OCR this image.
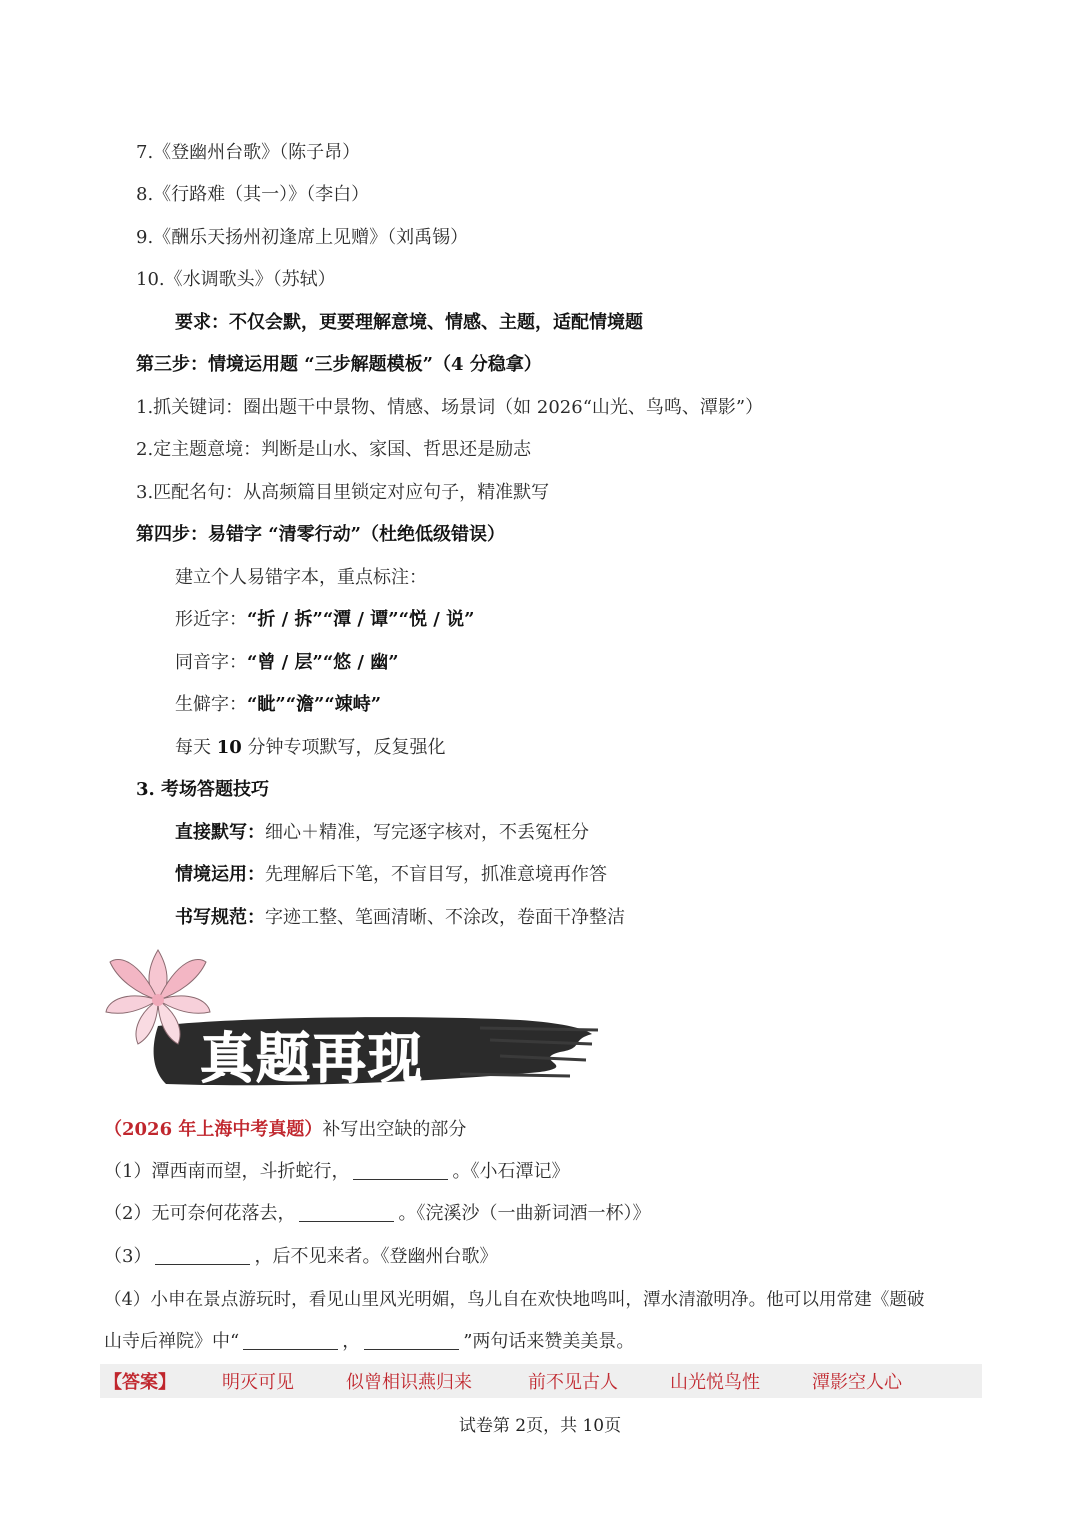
7.《登幽州台歌》（陈子昂）
8.《行路难（其一）》（李白）
9.《酬乐天扬州初逢席上见赠》（刘禹锡）
10.《水调歌头》（苏轼）
要求：不仅会默，更要理解意境、情感、主题，适配情境题
第三步：情境运用题 “三步解题模板”（4 分稳拿）
1.抓关键词：圈出题干中景物、情感、场景词（如 2026“山光、鸟鸣、潭影”）
2.定主题意境：判断是山水、家国、哲思还是励志
3.匹配名句：从高频篇目里锁定对应句子，精准默写
第四步：易错字 “清零行动”（杜绝低级错误）
建立个人易错字本，重点标注：
形近字：“折 / 拆”“潭 / 谭”“悦 / 说”
同音字：“曾 / 层”“悠 / 幽”
生僻字：“眦”“澹”“竦峙”
每天 10 分钟专项默写，反复强化
3. 考场答题技巧
直接默写：细心＋精准，写完逐字核对，不丢冤枉分
情境运用：先理解后下笔，不盲目写，抓准意境再作答
书写规范：字迹工整、笔画清晰、不涂改，卷面干净整洁
真题再现
（2026 年上海中考真题）补写出空缺的部分
（1）潭西南而望，斗折蛇行，	。《小石潭记》
（2）无可奈何花落去，	。《浣溪沙（一曲新词酒一杯）》
（3）	，后不见来者。《登幽州台歌》
（4）小申在景点游玩时，看见山里风光明媚，鸟儿自在欢快地鸣叫，潭水清澈明净。他可以用常建《题破
山寺后禅院》中“	，	”两句话来赞美美景。
【答案】	明灭可见	似曾相识燕归来	前不见古人	山光悦鸟性	潭影空人心
试卷第 2页，共 10页
